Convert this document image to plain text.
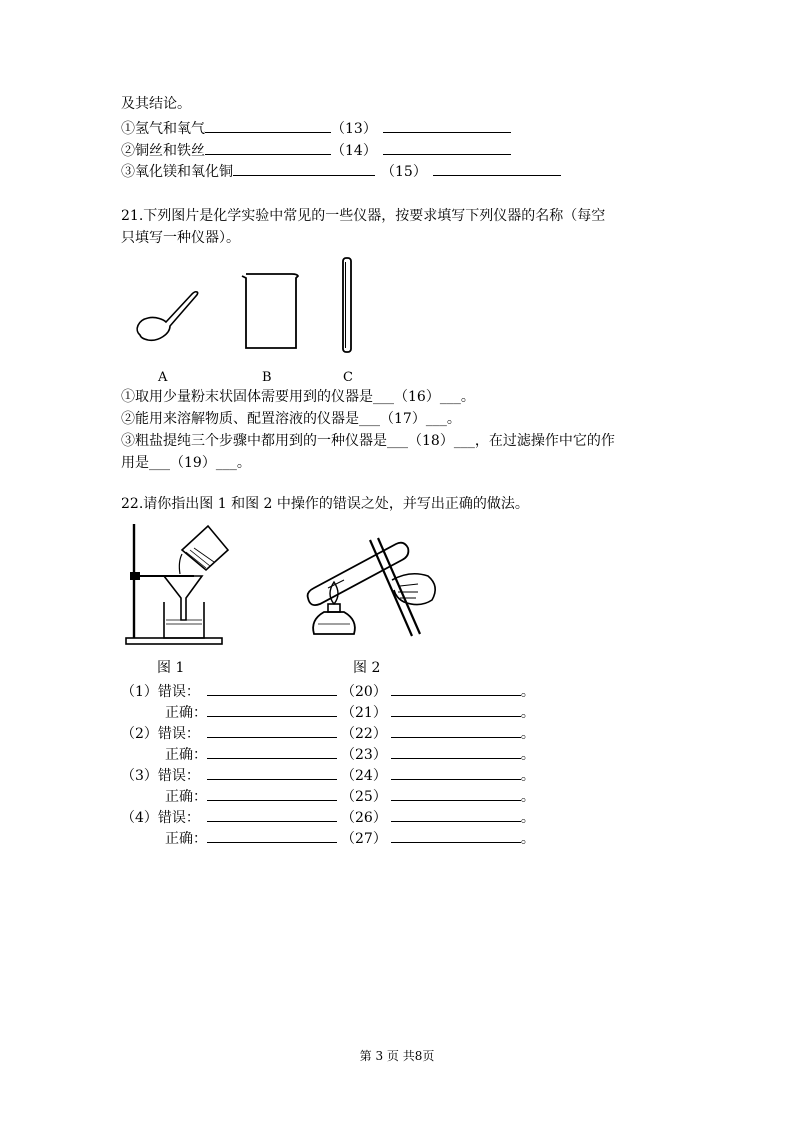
及其结论。
①氢气和氧气	（13）
②铜丝和铁丝	（14）
③氧化镁和氧化铜	（15）
21.下列图片是化学实验中常见的一些仪器，按要求填写下列仪器的名称（每空
只填写一种仪器）。
A	B	C
①取用少量粉末状固体需要用到的仪器是___（16）___。
②能用来溶解物质、配置溶液的仪器是___（17）___。
③粗盐提纯三个步骤中都用到的一种仪器是___（18）___，在过滤操作中它的作
用是___（19）___。
22.请你指出图 1 和图 2 中操作的错误之处，并写出正确的做法。
图 1	图 2
（1）错误：	（20）	。
正确：	（21）	。
（2）错误：	（22）	。
正确：	（23）	。
（3）错误：	（24）	。
正确：	（25）	。
（4）错误：	（26）	。
正确：	（27）	。
第 3 页 共8页
